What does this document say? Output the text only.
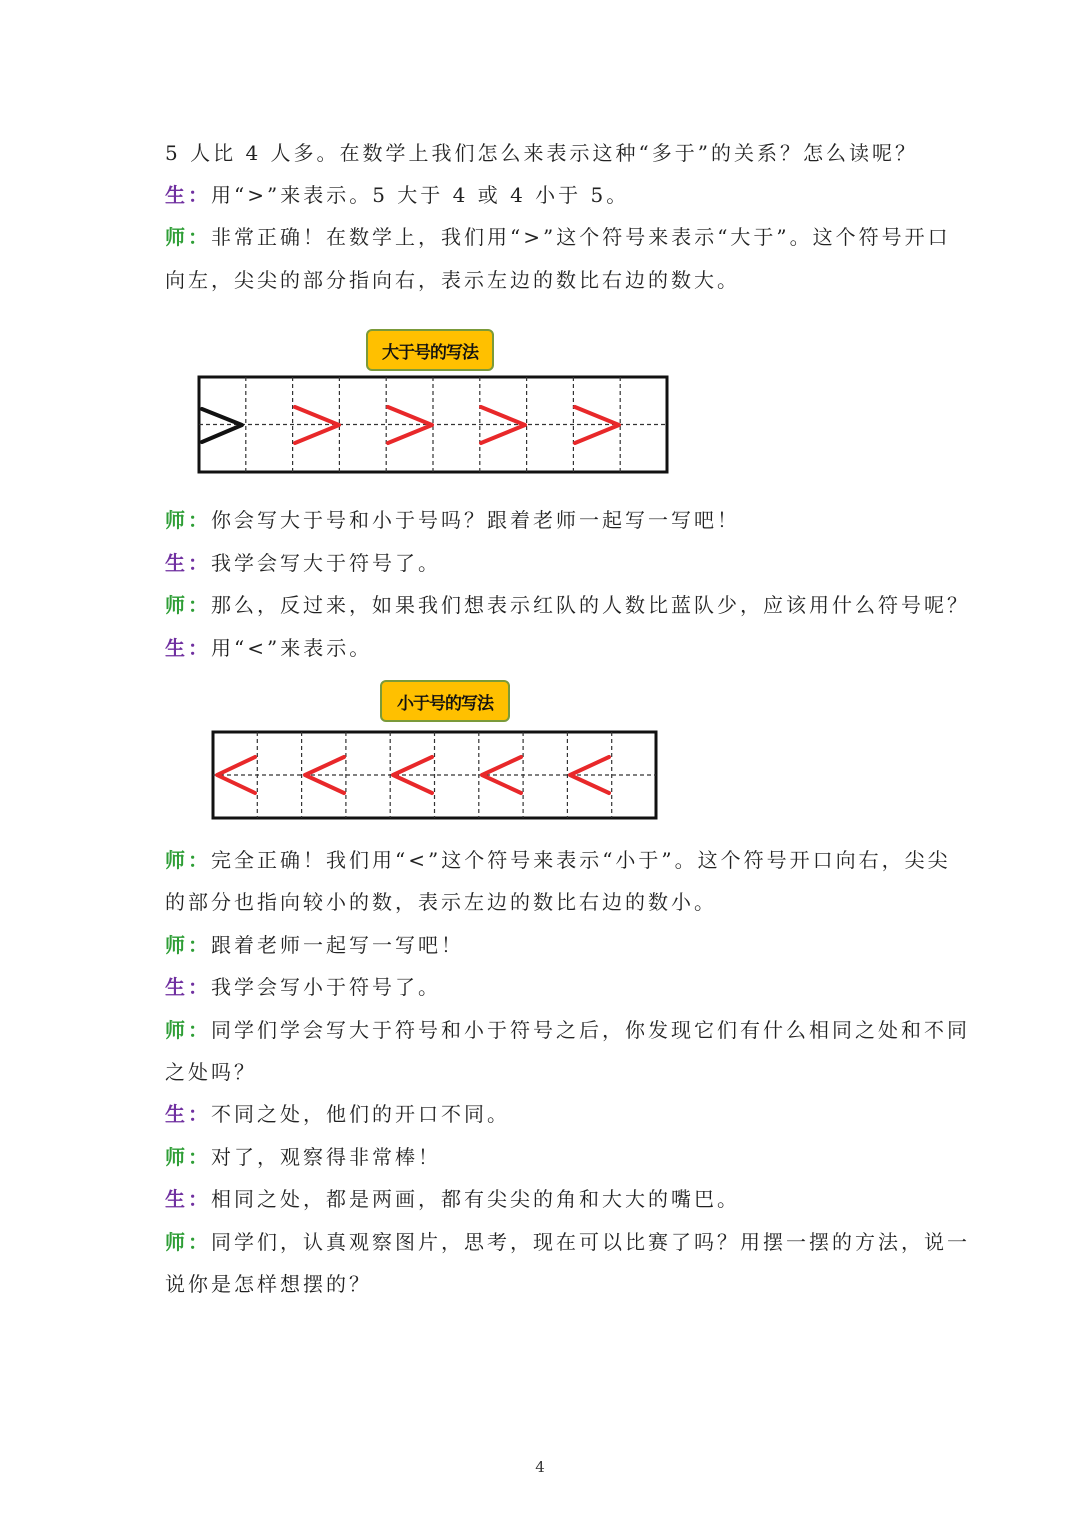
5 人比 4 人多。在数学上我们怎么来表示这种“多于”的关系？怎么读呢？
生：用“>”来表示。5 大于 4 或 4 小于 5。
师：非常正确！在数学上，我们用“>”这个符号来表示“大于”。这个符号开口
向左，尖尖的部分指向右，表示左边的数比右边的数大。
大于号的写法
师：你会写大于号和小于号吗？跟着老师一起写一写吧！
生：我学会写大于符号了。
师：那么，反过来，如果我们想表示红队的人数比蓝队少，应该用什么符号呢？
生：用“<”来表示。
小于号的写法
师：完全正确！我们用“<”这个符号来表示“小于”。这个符号开口向右，尖尖
的部分也指向较小的数，表示左边的数比右边的数小。
师：跟着老师一起写一写吧！
生：我学会写小于符号了。
师：同学们学会写大于符号和小于符号之后，你发现它们有什么相同之处和不同
之处吗？
生：不同之处，他们的开口不同。
师：对了，观察得非常棒！
生：相同之处，都是两画，都有尖尖的角和大大的嘴巴。
师：同学们，认真观察图片，思考，现在可以比赛了吗？用摆一摆的方法，说一
说你是怎样想摆的？
4
